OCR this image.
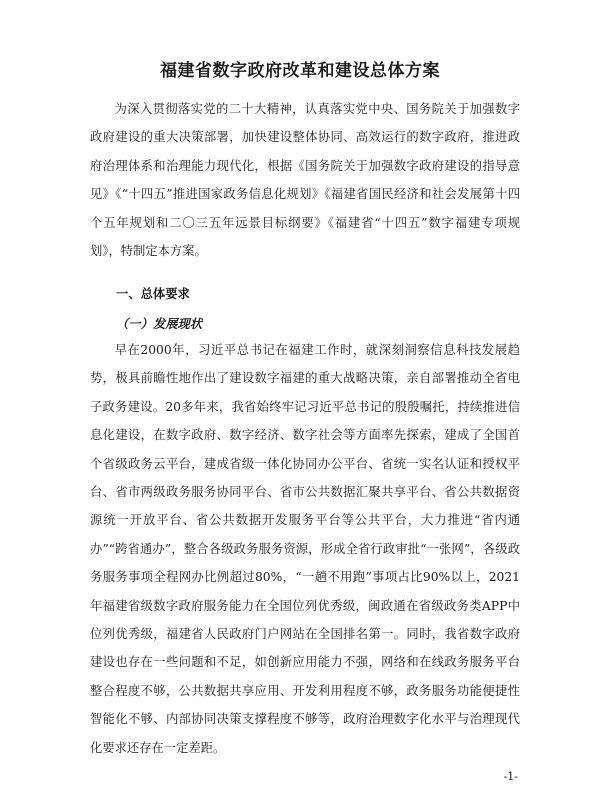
福建省数字政府改革和建设总体方案

为深入贯彻落实党的二十大精神，认真落实党中央、国务院关于加强数字政府建设的重大决策部署，加快建设整体协同、高效运行的数字政府，推进政府治理体系和治理能力现代化，根据《国务院关于加强数字政府建设的指导意见》《“十四五”推进国家政务信息化规划》《福建省国民经济和社会发展第十四个五年规划和二〇三五年远景目标纲要》《福建省“十四五”数字福建专项规划》，特制定本方案。

一、总体要求
（一）发展现状

早在2000年，习近平总书记在福建工作时，就深刻洞察信息科技发展趋势，极具前瞻性地作出了建设数字福建的重大战略决策，亲自部署推动全省电子政务建设。20多年来，我省始终牢记习近平总书记的殷殷嘱托，持续推进信息化建设，在数字政府、数字经济、数字社会等方面率先探索，建成了全国首个省级政务云平台，建成省级一体化协同办公平台、省统一实名认证和授权平台、省市两级政务服务协同平台、省市公共数据汇聚共享平台、省公共数据资源统一开放平台、省公共数据开发服务平台等公共平台，大力推进“省内通办”“跨省通办”，整合各级政务服务资源，形成全省行政审批“一张网”，各级政务服务事项全程网办比例超过80%，“一趟不用跑”事项占比90%以上，2021年福建省级数字政府服务能力在全国位列优秀级，闽政通在省级政务类APP中位列优秀级，福建省人民政府门户网站在全国排名第一。同时，我省数字政府建设也存在一些问题和不足，如创新应用能力不强，网络和在线政务服务平台整合程度不够，公共数据共享应用、开发利用程度不够，政务服务功能便捷性智能化不够、内部协同决策支撑程度不够等，政府治理数字化水平与治理现代化要求还存在一定差距。

-1-
